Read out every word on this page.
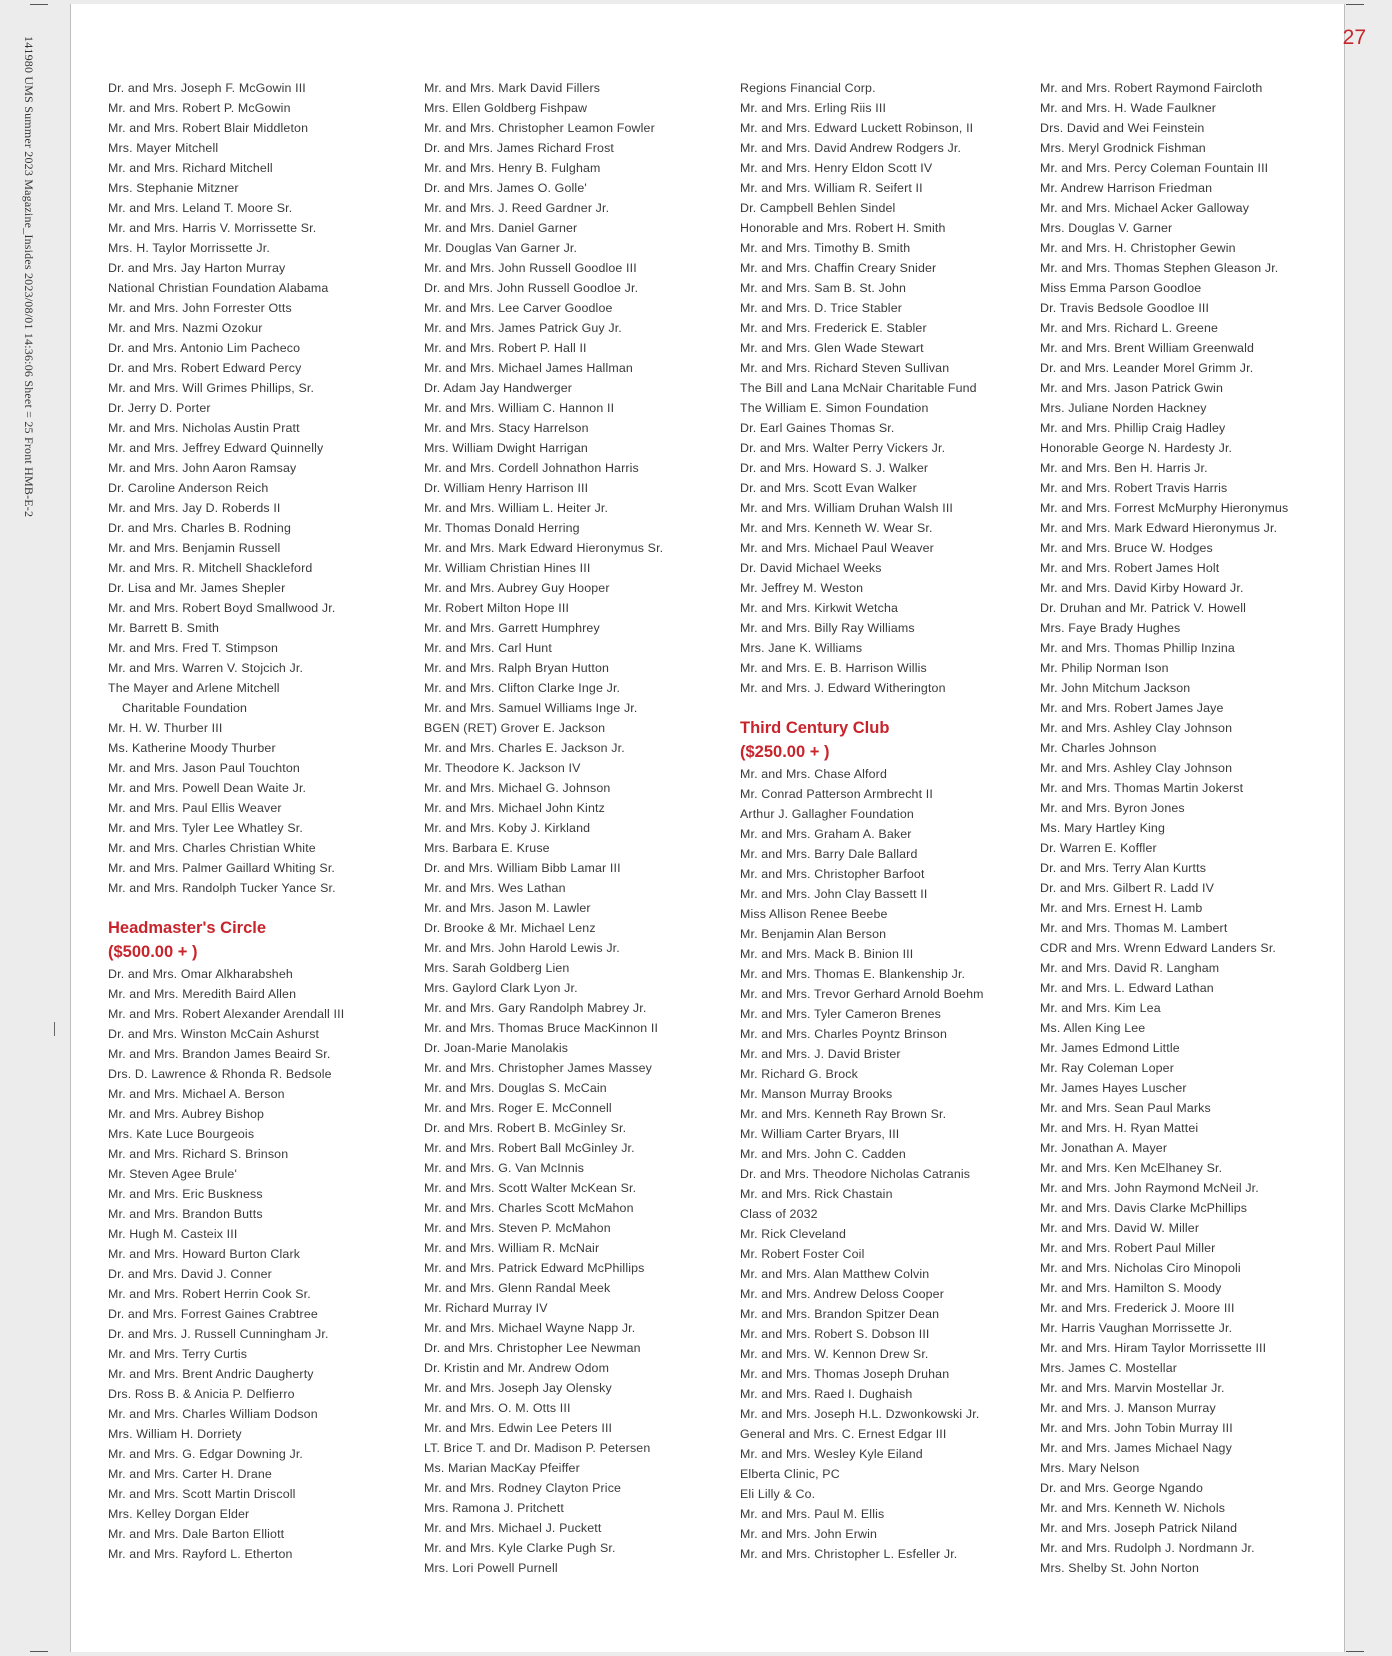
141980 UMS Summer 2023 Magazine_Insides 2023/08/01 14:36:06 Sheet = 25 Front HMB-E-2	27
Dr. and Mrs. Joseph F. McGowin III
Mr. and Mrs. Robert P. McGowin
Mr. and Mrs. Robert Blair Middleton
Mrs. Mayer Mitchell
Mr. and Mrs. Richard Mitchell
Mrs. Stephanie Mitzner
Mr. and Mrs. Leland T. Moore Sr.
Mr. and Mrs. Harris V. Morrissette Sr.
Mrs. H. Taylor Morrissette Jr.
Dr. and Mrs. Jay Harton Murray
National Christian Foundation Alabama
Mr. and Mrs. John Forrester Otts
Mr. and Mrs. Nazmi Ozokur
Dr. and Mrs. Antonio Lim Pacheco
Dr. and Mrs. Robert Edward Percy
Mr. and Mrs. Will Grimes Phillips, Sr.
Dr. Jerry D. Porter
Mr. and Mrs. Nicholas Austin Pratt
Mr. and Mrs. Jeffrey Edward Quinnelly
Mr. and Mrs. John Aaron Ramsay
Dr. Caroline Anderson Reich
Mr. and Mrs. Jay D. Roberds II
Dr. and Mrs. Charles B. Rodning
Mr. and Mrs. Benjamin Russell
Mr. and Mrs. R. Mitchell Shackleford
Dr. Lisa and Mr. James Shepler
Mr. and Mrs. Robert Boyd Smallwood Jr.
Mr. Barrett B. Smith
Mr. and Mrs. Fred T. Stimpson
Mr. and Mrs. Warren V. Stojcich Jr.
The Mayer and Arlene Mitchell
Charitable Foundation
Mr. H. W. Thurber III
Ms. Katherine Moody Thurber
Mr. and Mrs. Jason Paul Touchton
Mr. and Mrs. Powell Dean Waite Jr.
Mr. and Mrs. Paul Ellis Weaver
Mr. and Mrs. Tyler Lee Whatley Sr.
Mr. and Mrs. Charles Christian White
Mr. and Mrs. Palmer Gaillard Whiting Sr.
Mr. and Mrs. Randolph Tucker Yance Sr.
Headmaster's Circle
($500.00 + )
Dr. and Mrs. Omar Alkharabsheh
Mr. and Mrs. Meredith Baird Allen
Mr. and Mrs. Robert Alexander Arendall III
Dr. and Mrs. Winston McCain Ashurst
Mr. and Mrs. Brandon James Beaird Sr.
Drs. D. Lawrence & Rhonda R. Bedsole
Mr. and Mrs. Michael A. Berson
Mr. and Mrs. Aubrey Bishop
Mrs. Kate Luce Bourgeois
Mr. and Mrs. Richard S. Brinson
Mr. Steven Agee Brule'
Mr. and Mrs. Eric Buskness
Mr. and Mrs. Brandon Butts
Mr. Hugh M. Casteix III
Mr. and Mrs. Howard Burton Clark
Dr. and Mrs. David J. Conner
Mr. and Mrs. Robert Herrin Cook Sr.
Dr. and Mrs. Forrest Gaines Crabtree
Dr. and Mrs. J. Russell Cunningham Jr.
Mr. and Mrs. Terry Curtis
Mr. and Mrs. Brent Andric Daugherty
Drs. Ross B. & Anicia P. Delfierro
Mr. and Mrs. Charles William Dodson
Mrs. William H. Dorriety
Mr. and Mrs. G. Edgar Downing Jr.
Mr. and Mrs. Carter H. Drane
Mr. and Mrs. Scott Martin Driscoll
Mrs. Kelley Dorgan Elder
Mr. and Mrs. Dale Barton Elliott
Mr. and Mrs. Rayford L. Etherton
Mr. and Mrs. Mark David Fillers
Mrs. Ellen Goldberg Fishpaw
Mr. and Mrs. Christopher Leamon Fowler
Dr. and Mrs. James Richard Frost
Mr. and Mrs. Henry B. Fulgham
Dr. and Mrs. James O. Golle'
Mr. and Mrs. J. Reed Gardner Jr.
Mr. and Mrs. Daniel Garner
Mr. Douglas Van Garner Jr.
Mr. and Mrs. John Russell Goodloe III
Dr. and Mrs. John Russell Goodloe Jr.
Mr. and Mrs. Lee Carver Goodloe
Mr. and Mrs. James Patrick Guy Jr.
Mr. and Mrs. Robert P. Hall II
Mr. and Mrs. Michael James Hallman
Dr. Adam Jay Handwerger
Mr. and Mrs. William C. Hannon II
Mr. and Mrs. Stacy Harrelson
Mrs. William Dwight Harrigan
Mr. and Mrs. Cordell Johnathon Harris
Dr. William Henry Harrison III
Mr. and Mrs. William L. Heiter Jr.
Mr. Thomas Donald Herring
Mr. and Mrs. Mark Edward Hieronymus Sr.
Mr. William Christian Hines III
Mr. and Mrs. Aubrey Guy Hooper
Mr. Robert Milton Hope III
Mr. and Mrs. Garrett Humphrey
Mr. and Mrs. Carl Hunt
Mr. and Mrs. Ralph Bryan Hutton
Mr. and Mrs. Clifton Clarke Inge Jr.
Mr. and Mrs. Samuel Williams Inge Jr.
BGEN (RET) Grover E. Jackson
Mr. and Mrs. Charles E. Jackson Jr.
Mr. Theodore K. Jackson IV
Mr. and Mrs. Michael G. Johnson
Mr. and Mrs. Michael John Kintz
Mr. and Mrs. Koby J. Kirkland
Mrs. Barbara E. Kruse
Dr. and Mrs. William Bibb Lamar III
Mr. and Mrs. Wes Lathan
Mr. and Mrs. Jason M. Lawler
Dr. Brooke & Mr. Michael Lenz
Mr. and Mrs. John Harold Lewis Jr.
Mrs. Sarah Goldberg Lien
Mrs. Gaylord Clark Lyon Jr.
Mr. and Mrs. Gary Randolph Mabrey Jr.
Mr. and Mrs. Thomas Bruce MacKinnon II
Dr. Joan-Marie Manolakis
Mr. and Mrs. Christopher James Massey
Mr. and Mrs. Douglas S. McCain
Mr. and Mrs. Roger E. McConnell
Dr. and Mrs. Robert B. McGinley Sr.
Mr. and Mrs. Robert Ball McGinley Jr.
Mr. and Mrs. G. Van McInnis
Mr. and Mrs. Scott Walter McKean Sr.
Mr. and Mrs. Charles Scott McMahon
Mr. and Mrs. Steven P. McMahon
Mr. and Mrs. William R. McNair
Mr. and Mrs. Patrick Edward McPhillips
Mr. and Mrs. Glenn Randal Meek
Mr. Richard Murray IV
Mr. and Mrs. Michael Wayne Napp Jr.
Dr. and Mrs. Christopher Lee Newman
Dr. Kristin and Mr. Andrew Odom
Mr. and Mrs. Joseph Jay Olensky
Mr. and Mrs. O. M. Otts III
Mr. and Mrs. Edwin Lee Peters III
LT. Brice T. and Dr. Madison P. Petersen
Ms. Marian MacKay Pfeiffer
Mr. and Mrs. Rodney Clayton Price
Mrs. Ramona J. Pritchett
Mr. and Mrs. Michael J. Puckett
Mr. and Mrs. Kyle Clarke Pugh Sr.
Mrs. Lori Powell Purnell
Regions Financial Corp.
Mr. and Mrs. Erling Riis III
Mr. and Mrs. Edward Luckett Robinson, II
Mr. and Mrs. David Andrew Rodgers Jr.
Mr. and Mrs. Henry Eldon Scott IV
Mr. and Mrs. William R. Seifert II
Dr. Campbell Behlen Sindel
Honorable and Mrs. Robert H. Smith
Mr. and Mrs. Timothy B. Smith
Mr. and Mrs. Chaffin Creary Snider
Mr. and Mrs. Sam B. St. John
Mr. and Mrs. D. Trice Stabler
Mr. and Mrs. Frederick E. Stabler
Mr. and Mrs. Glen Wade Stewart
Mr. and Mrs. Richard Steven Sullivan
The Bill and Lana McNair Charitable Fund
The William E. Simon Foundation
Dr. Earl Gaines Thomas Sr.
Dr. and Mrs. Walter Perry Vickers Jr.
Dr. and Mrs. Howard S. J. Walker
Dr. and Mrs. Scott Evan Walker
Mr. and Mrs. William Druhan Walsh III
Mr. and Mrs. Kenneth W. Wear Sr.
Mr. and Mrs. Michael Paul Weaver
Dr. David Michael Weeks
Mr. Jeffrey M. Weston
Mr. and Mrs. Kirkwit Wetcha
Mr. and Mrs. Billy Ray Williams
Mrs. Jane K. Williams
Mr. and Mrs. E. B. Harrison Willis
Mr. and Mrs. J. Edward Witherington
Third Century Club
($250.00 + )
Mr. and Mrs. Chase Alford
Mr. Conrad Patterson Armbrecht II
Arthur J. Gallagher Foundation
Mr. and Mrs. Graham A. Baker
Mr. and Mrs. Barry Dale Ballard
Mr. and Mrs. Christopher Barfoot
Mr. and Mrs. John Clay Bassett II
Miss Allison Renee Beebe
Mr. Benjamin Alan Berson
Mr. and Mrs. Mack B. Binion III
Mr. and Mrs. Thomas E. Blankenship Jr.
Mr. and Mrs. Trevor Gerhard Arnold Boehm
Mr. and Mrs. Tyler Cameron Brenes
Mr. and Mrs. Charles Poyntz Brinson
Mr. and Mrs. J. David Brister
Mr. Richard G. Brock
Mr. Manson Murray Brooks
Mr. and Mrs. Kenneth Ray Brown Sr.
Mr. William Carter Bryars, III
Mr. and Mrs. John C. Cadden
Dr. and Mrs. Theodore Nicholas Catranis
Mr. and Mrs. Rick Chastain
Class of 2032
Mr. Rick Cleveland
Mr. Robert Foster Coil
Mr. and Mrs. Alan Matthew Colvin
Mr. and Mrs. Andrew Deloss Cooper
Mr. and Mrs. Brandon Spitzer Dean
Mr. and Mrs. Robert S. Dobson III
Mr. and Mrs. W. Kennon Drew Sr.
Mr. and Mrs. Thomas Joseph Druhan
Mr. and Mrs. Raed I. Dughaish
Mr. and Mrs. Joseph H.L. Dzwonkowski Jr.
General and Mrs. C. Ernest Edgar III
Mr. and Mrs. Wesley Kyle Eiland
Elberta Clinic, PC
Eli Lilly & Co.
Mr. and Mrs. Paul M. Ellis
Mr. and Mrs. John Erwin
Mr. and Mrs. Christopher L. Esfeller Jr.
Mr. and Mrs. Robert Raymond Faircloth
Mr. and Mrs. H. Wade Faulkner
Drs. David and Wei Feinstein
Mrs. Meryl Grodnick Fishman
Mr. and Mrs. Percy Coleman Fountain III
Mr. Andrew Harrison Friedman
Mr. and Mrs. Michael Acker Galloway
Mrs. Douglas V. Garner
Mr. and Mrs. H. Christopher Gewin
Mr. and Mrs. Thomas Stephen Gleason Jr.
Miss Emma Parson Goodloe
Dr. Travis Bedsole Goodloe III
Mr. and Mrs. Richard L. Greene
Mr. and Mrs. Brent William Greenwald
Dr. and Mrs. Leander Morel Grimm Jr.
Mr. and Mrs. Jason Patrick Gwin
Mrs. Juliane Norden Hackney
Mr. and Mrs. Phillip Craig Hadley
Honorable George N. Hardesty Jr.
Mr. and Mrs. Ben H. Harris Jr.
Mr. and Mrs. Robert Travis Harris
Mr. and Mrs. Forrest McMurphy Hieronymus
Mr. and Mrs. Mark Edward Hieronymus Jr.
Mr. and Mrs. Bruce W. Hodges
Mr. and Mrs. Robert James Holt
Mr. and Mrs. David Kirby Howard Jr.
Dr. Druhan and Mr. Patrick V. Howell
Mrs. Faye Brady Hughes
Mr. and Mrs. Thomas Phillip Inzina
Mr. Philip Norman Ison
Mr. John Mitchum Jackson
Mr. and Mrs. Robert James Jaye
Mr. and Mrs. Ashley Clay Johnson
Mr. Charles Johnson
Mr. and Mrs. Ashley Clay Johnson
Mr. and Mrs. Thomas Martin Jokerst
Mr. and Mrs. Byron Jones
Ms. Mary Hartley King
Dr. Warren E. Koffler
Dr. and Mrs. Terry Alan Kurtts
Dr. and Mrs. Gilbert R. Ladd IV
Mr. and Mrs. Ernest H. Lamb
Mr. and Mrs. Thomas M. Lambert
CDR and Mrs. Wrenn Edward Landers Sr.
Mr. and Mrs. David R. Langham
Mr. and Mrs. L. Edward Lathan
Mr. and Mrs. Kim Lea
Ms. Allen King Lee
Mr. James Edmond Little
Mr. Ray Coleman Loper
Mr. James Hayes Luscher
Mr. and Mrs. Sean Paul Marks
Mr. and Mrs. H. Ryan Mattei
Mr. Jonathan A. Mayer
Mr. and Mrs. Ken McElhaney Sr.
Mr. and Mrs. John Raymond McNeil Jr.
Mr. and Mrs. Davis Clarke McPhillips
Mr. and Mrs. David W. Miller
Mr. and Mrs. Robert Paul Miller
Mr. and Mrs. Nicholas Ciro Minopoli
Mr. and Mrs. Hamilton S. Moody
Mr. and Mrs. Frederick J. Moore III
Mr. Harris Vaughan Morrissette Jr.
Mr. and Mrs. Hiram Taylor Morrissette III
Mrs. James C. Mostellar
Mr. and Mrs. Marvin Mostellar Jr.
Mr. and Mrs. J. Manson Murray
Mr. and Mrs. John Tobin Murray III
Mr. and Mrs. James Michael Nagy
Mrs. Mary Nelson
Dr. and Mrs. George Ngando
Mr. and Mrs. Kenneth W. Nichols
Mr. and Mrs. Joseph Patrick Niland
Mr. and Mrs. Rudolph J. Nordmann Jr.
Mrs. Shelby St. John Norton
